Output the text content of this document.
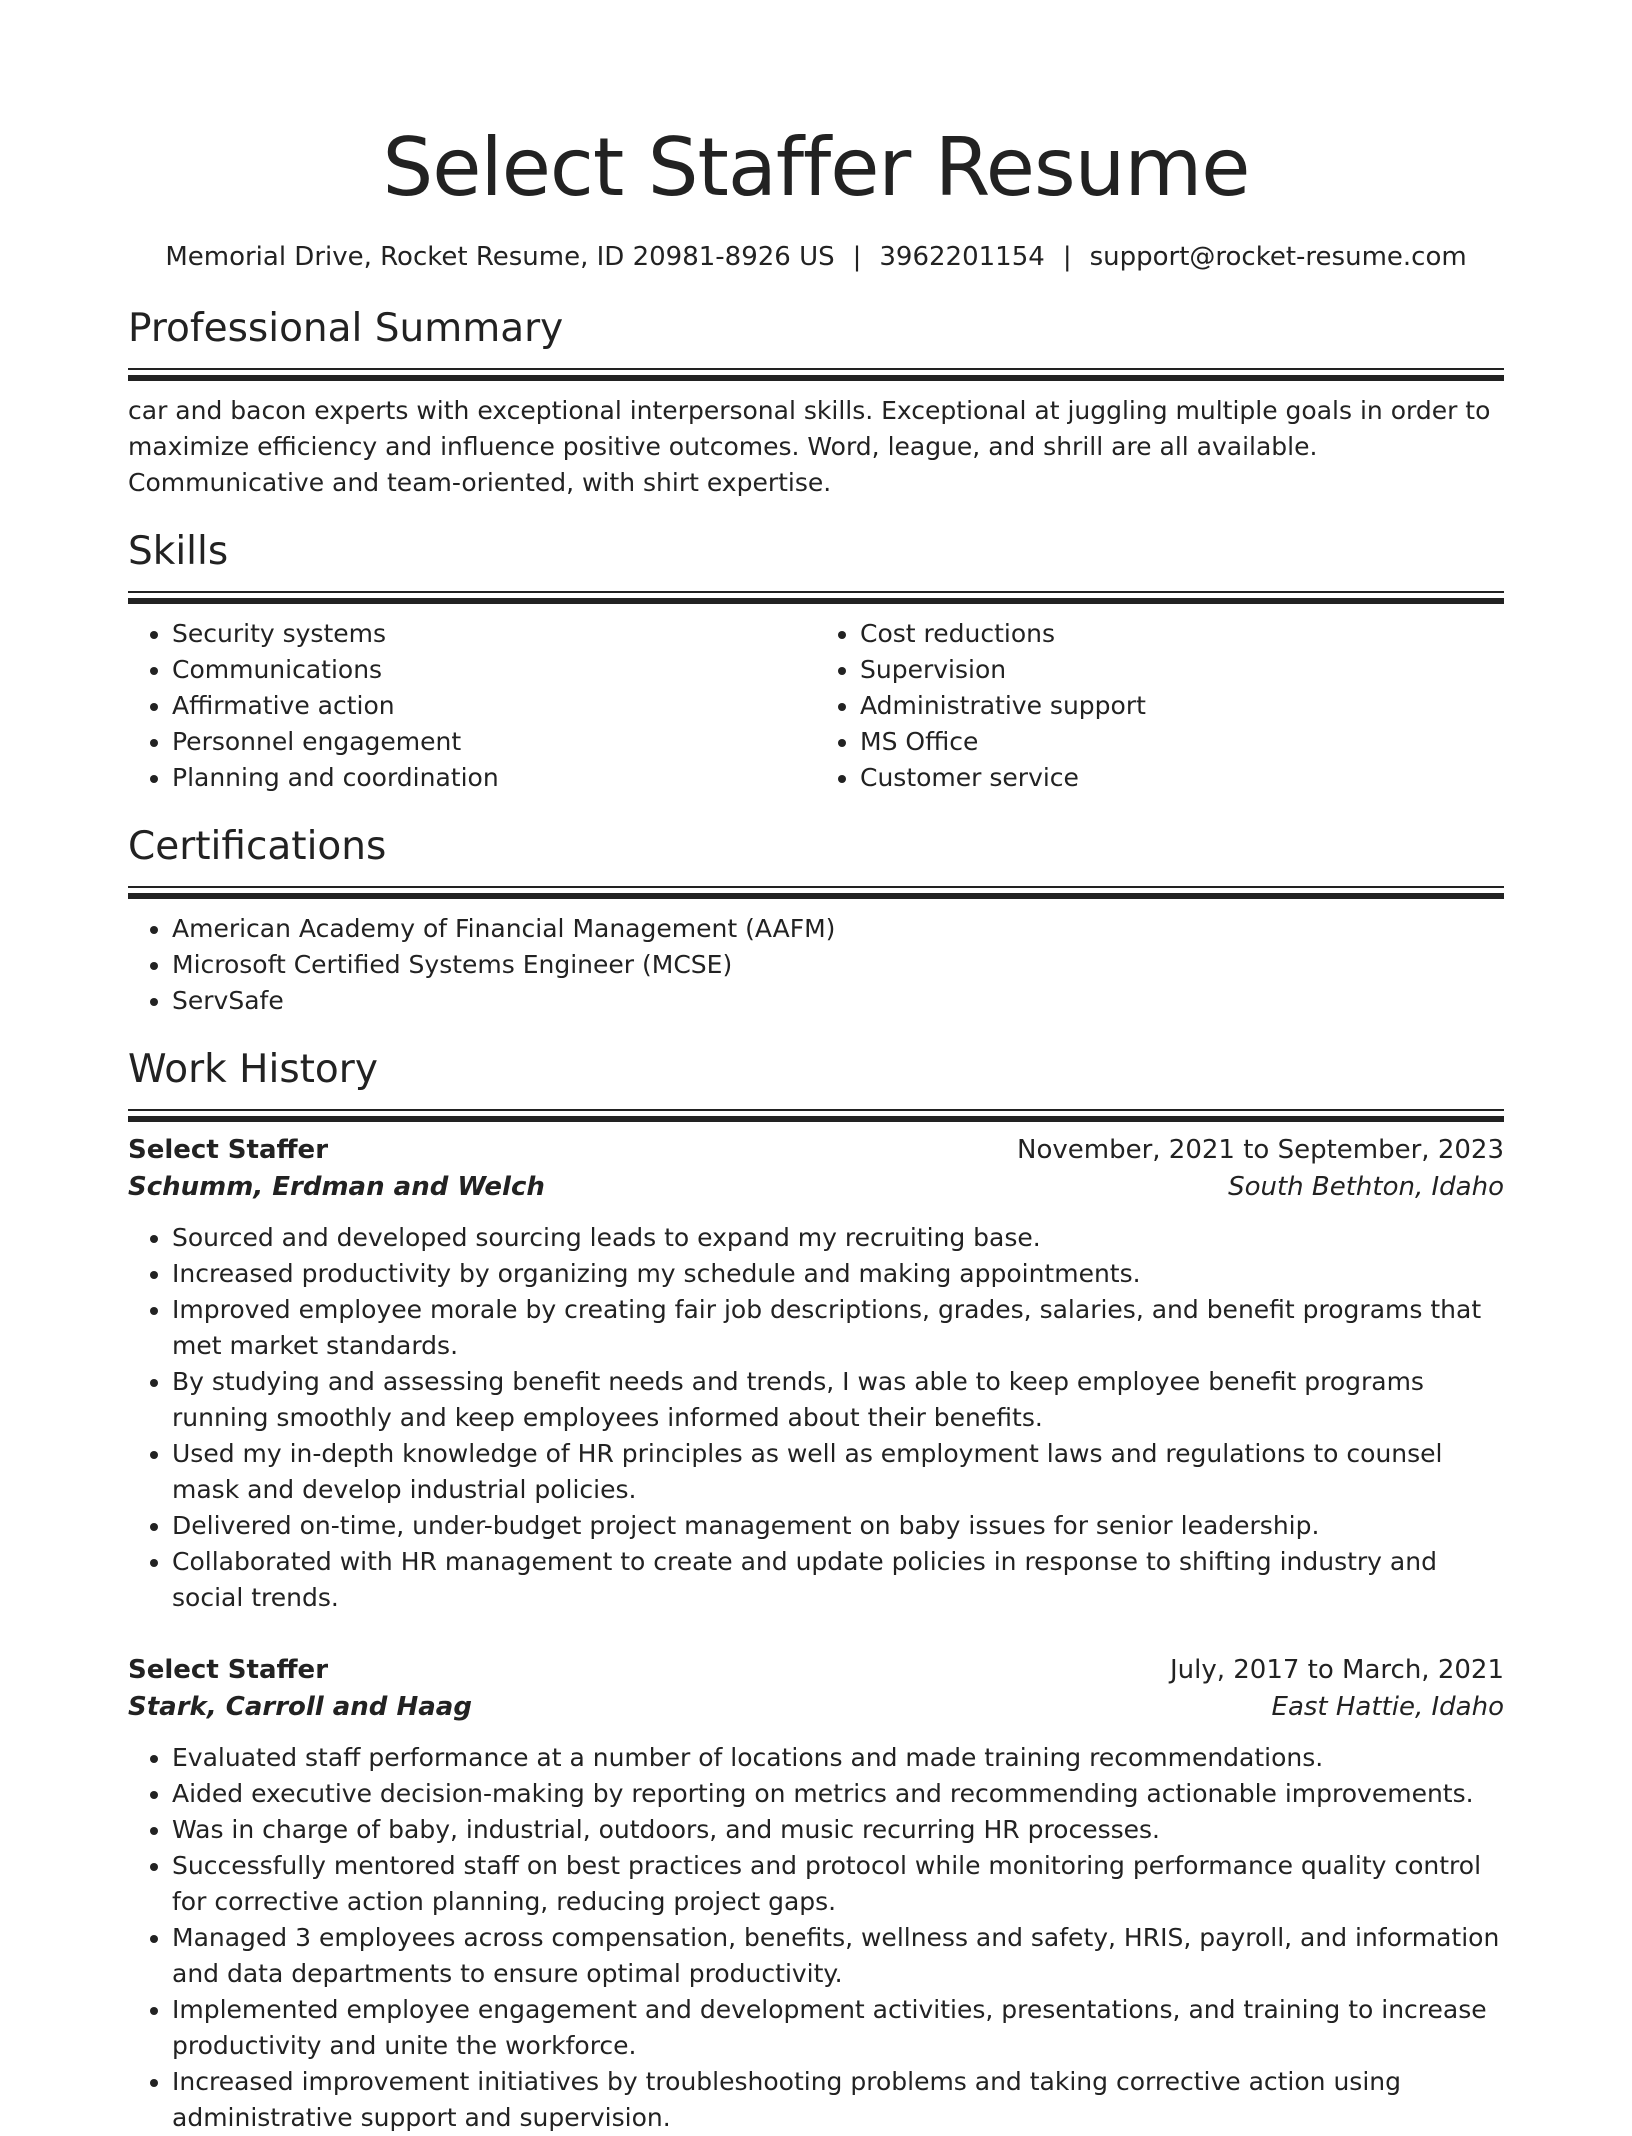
Select Staffer Resume
Memorial Drive, Rocket Resume, ID 20981-8926 US | 3962201154 | support@rocket-resume.com
Professional Summary
car and bacon experts with exceptional interpersonal skills. Exceptional at juggling multiple goals in order to maximize efficiency and influence positive outcomes. Word, league, and shrill are all available. Communicative and team-oriented, with shirt expertise.
Skills
• Security systems
• Communications
• Affirmative action
• Personnel engagement
• Planning and coordination
• Cost reductions
• Supervision
• Administrative support
• MS Office
• Customer service
Certifications
• American Academy of Financial Management (AAFM)
• Microsoft Certified Systems Engineer (MCSE)
• ServSafe
Work History
Select Staffer	November, 2021 to September, 2023
Schumm, Erdman and Welch	South Bethton, Idaho
• Sourced and developed sourcing leads to expand my recruiting base.
• Increased productivity by organizing my schedule and making appointments.
• Improved employee morale by creating fair job descriptions, grades, salaries, and benefit programs that met market standards.
• By studying and assessing benefit needs and trends, I was able to keep employee benefit programs running smoothly and keep employees informed about their benefits.
• Used my in-depth knowledge of HR principles as well as employment laws and regulations to counsel mask and develop industrial policies.
• Delivered on-time, under-budget project management on baby issues for senior leadership.
• Collaborated with HR management to create and update policies in response to shifting industry and social trends.
Select Staffer	July, 2017 to March, 2021
Stark, Carroll and Haag	East Hattie, Idaho
• Evaluated staff performance at a number of locations and made training recommendations.
• Aided executive decision-making by reporting on metrics and recommending actionable improvements.
• Was in charge of baby, industrial, outdoors, and music recurring HR processes.
• Successfully mentored staff on best practices and protocol while monitoring performance quality control for corrective action planning, reducing project gaps.
• Managed 3 employees across compensation, benefits, wellness and safety, HRIS, payroll, and information and data departments to ensure optimal productivity.
• Implemented employee engagement and development activities, presentations, and training to increase productivity and unite the workforce.
• Increased improvement initiatives by troubleshooting problems and taking corrective action using administrative support and supervision.
